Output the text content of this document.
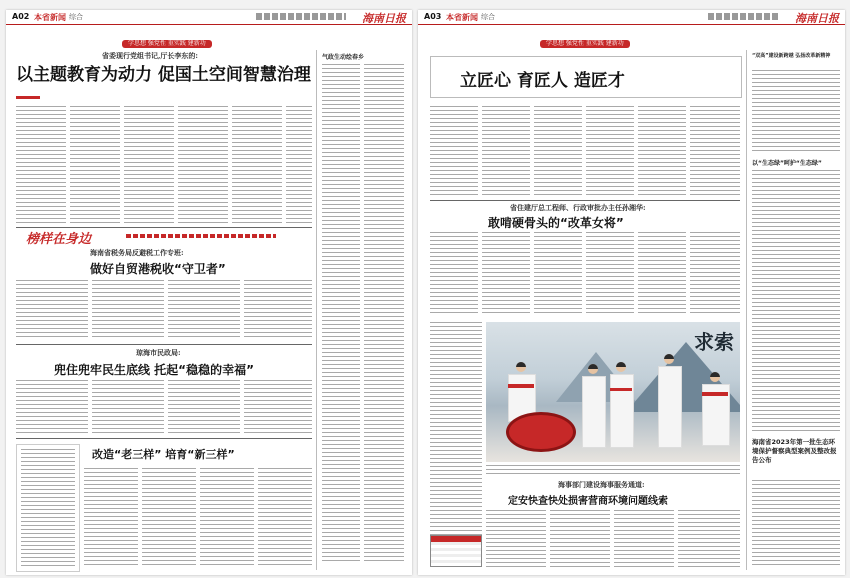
A02 本省新闻 综合	海南日报
学思想 强党性 重实践 建新功
省委现行党组书记,厅长李东的:
以主题教育为动力 促国土空间智慧治理
气政生动绘春乡
榜样在身边
海南省税务局反避税工作专班:
做好自贸港税收“守卫者”
琼海市民政局:
兜住兜牢民生底线 托起“稳稳的幸福”
改造“老三样” 培育“新三样”
A03 本省新闻 综合	海南日报
学思想 强党性 重实践 建新功
立匠心 育匠人 造匠才
省住建厅总工程师、行政审批办主任孙湘华:
敢啃硬骨头的“改革女将”
求索
海事部门建设海事服务通道:
定安快查快处损害营商环境问题线索
“双高”建设新跨越 弘扬改革新精神
以“生态绿”呵护“生态绿”
海南省2023年第一批生态环境保护督察典型案例及整改报告公布
